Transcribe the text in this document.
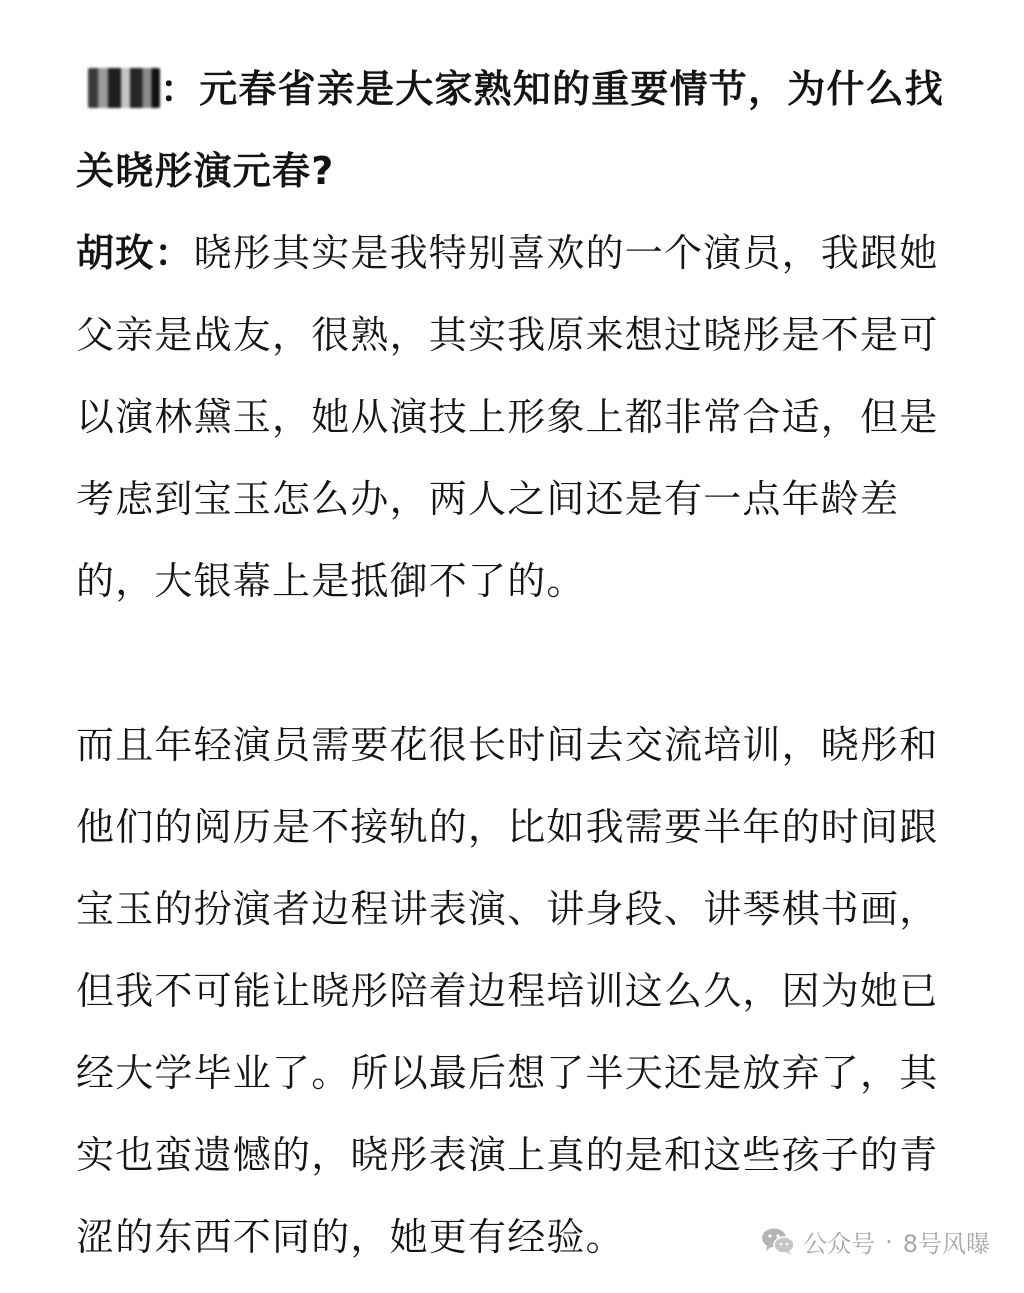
：元春省亲是大家熟知的重要情节，为什么找关晓彤演元春?

胡玫：晓彤其实是我特别喜欢的一个演员，我跟她父亲是战友，很熟，其实我原来想过晓彤是不是可以演林黛玉，她从演技上形象上都非常合适，但是考虑到宝玉怎么办，两人之间还是有一点年龄差的，大银幕上是抵御不了的。

而且年轻演员需要花很长时间去交流培训，晓彤和他们的阅历是不接轨的，比如我需要半年的时间跟宝玉的扮演者边程讲表演、讲身段、讲琴棋书画，但我不可能让晓彤陪着边程培训这么久，因为她已经大学毕业了。所以最后想了半天还是放弃了，其实也蛮遗憾的，晓彤表演上真的是和这些孩子的青涩的东西不同的，她更有经验。	公众号 · 8号风曝
